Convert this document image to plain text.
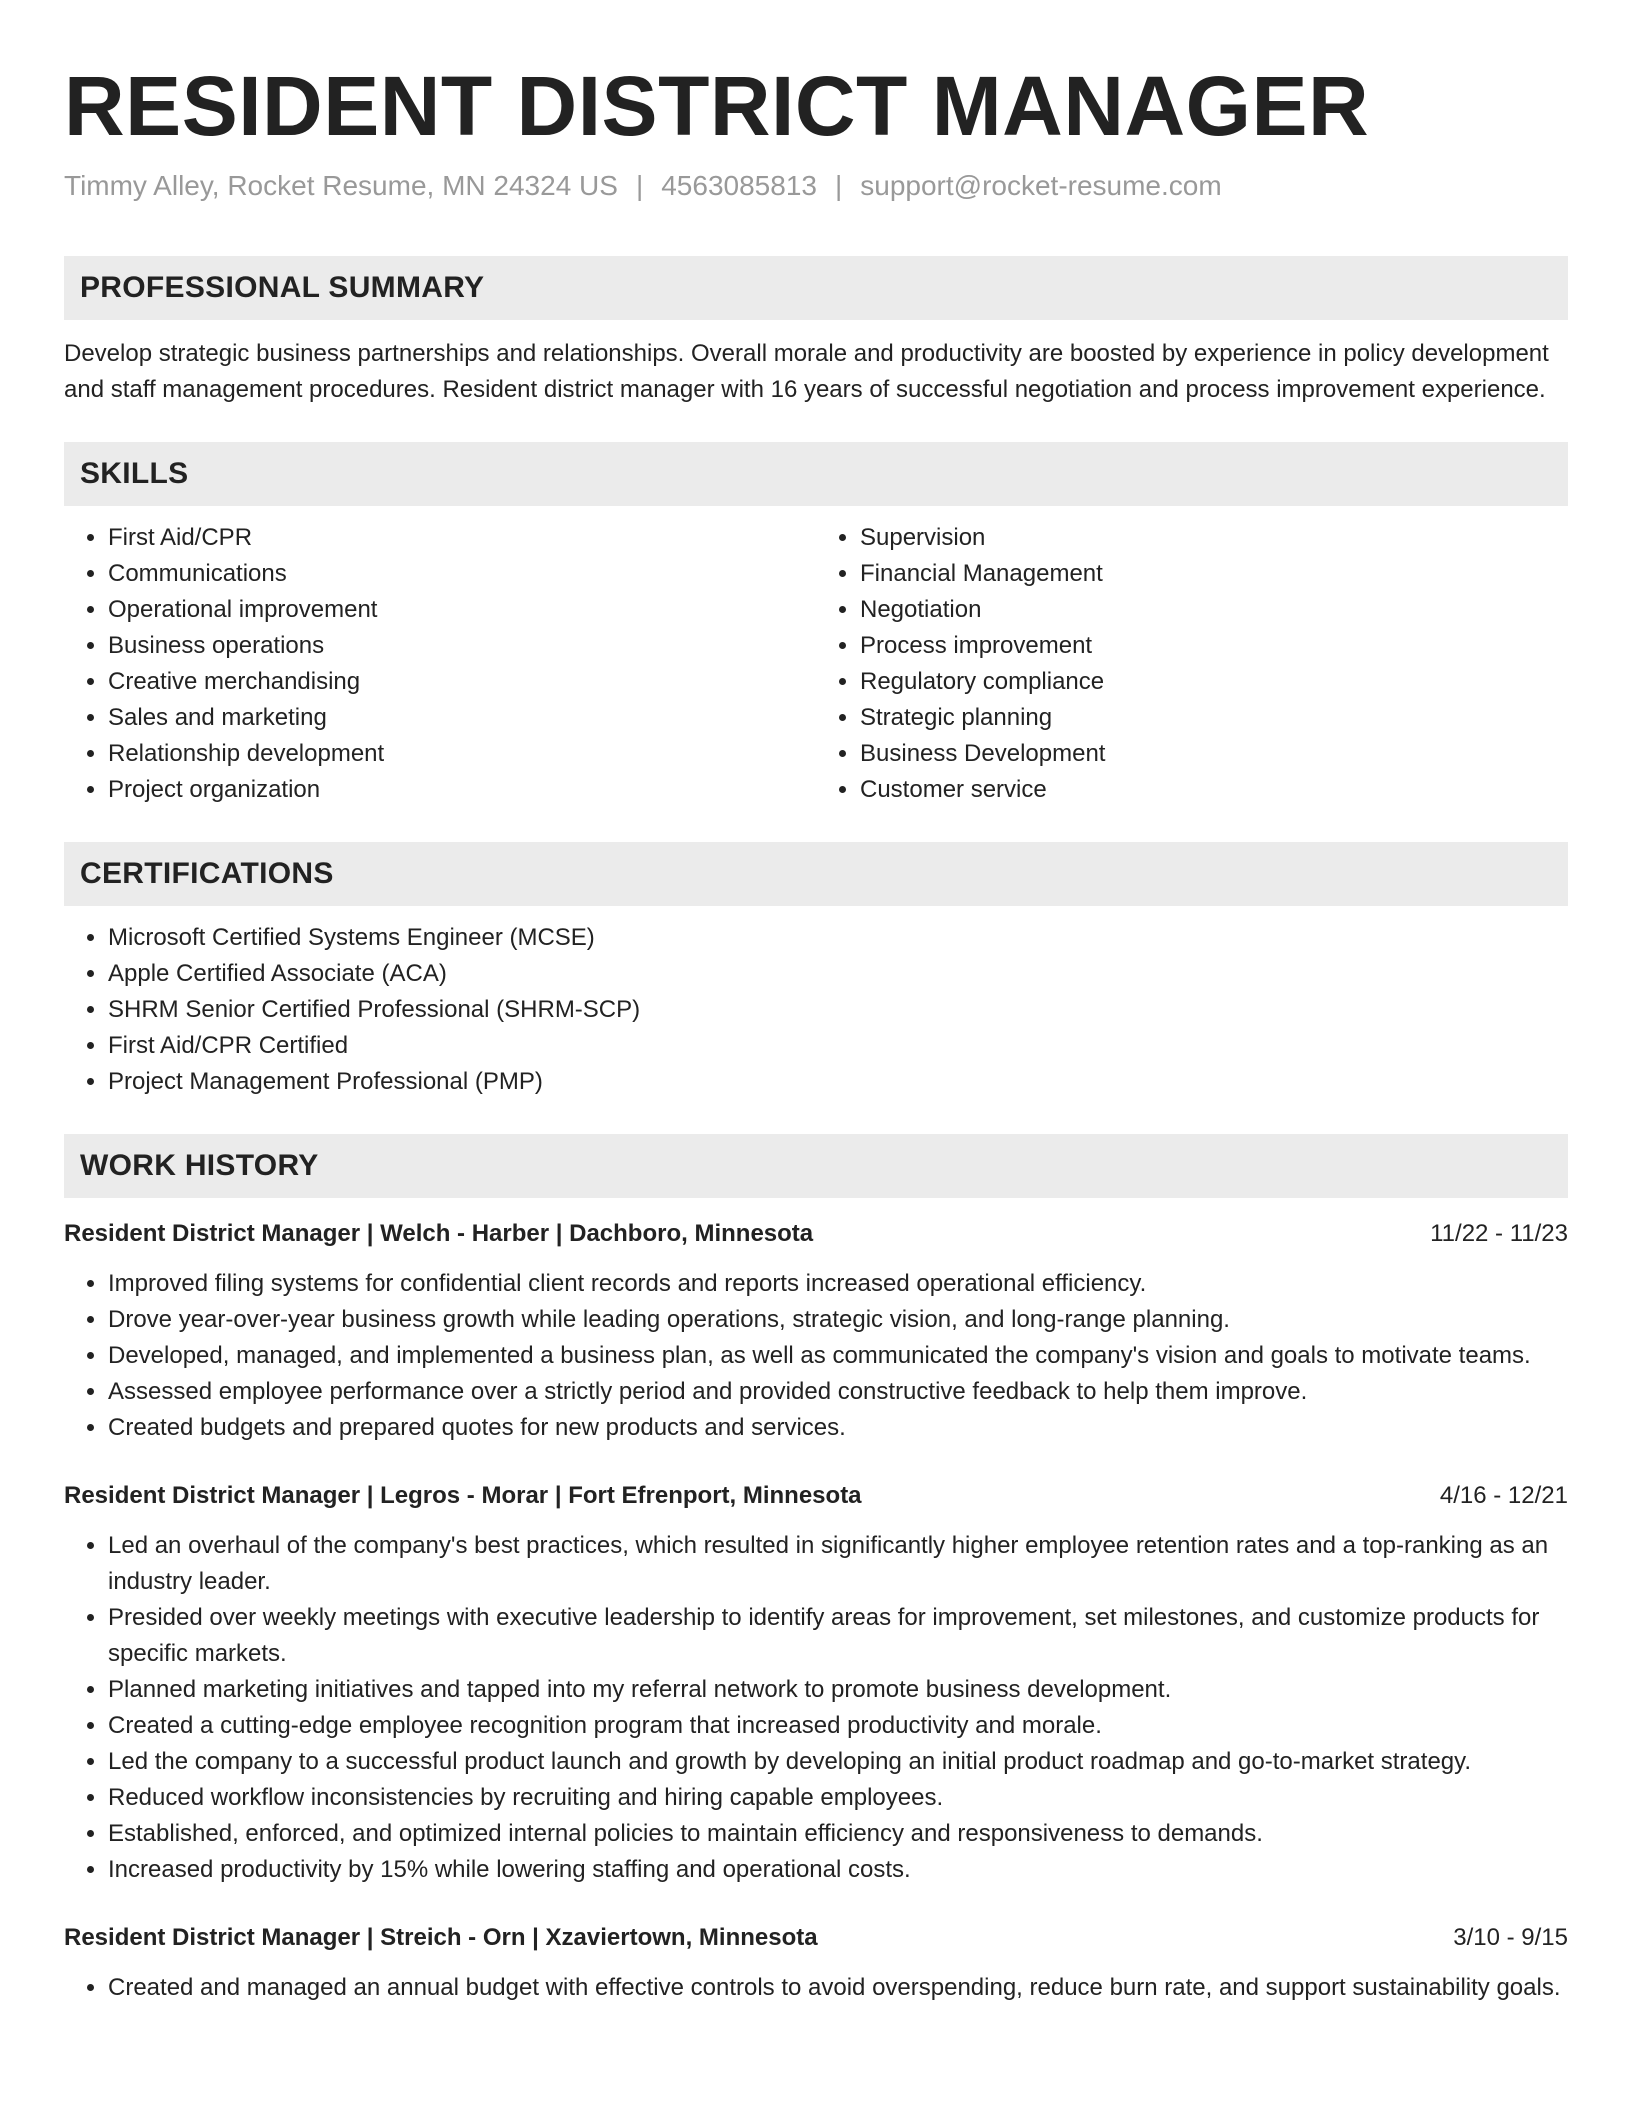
RESIDENT DISTRICT MANAGER
Timmy Alley, Rocket Resume, MN 24324 US | 4563085813 | support@rocket-resume.com
PROFESSIONAL SUMMARY
Develop strategic business partnerships and relationships. Overall morale and productivity are boosted by experience in policy development and staff management procedures. Resident district manager with 16 years of successful negotiation and process improvement experience.
SKILLS
• First Aid/CPR
• Communications
• Operational improvement
• Business operations
• Creative merchandising
• Sales and marketing
• Relationship development
• Project organization
• Supervision
• Financial Management
• Negotiation
• Process improvement
• Regulatory compliance
• Strategic planning
• Business Development
• Customer service
CERTIFICATIONS
• Microsoft Certified Systems Engineer (MCSE)
• Apple Certified Associate (ACA)
• SHRM Senior Certified Professional (SHRM-SCP)
• First Aid/CPR Certified
• Project Management Professional (PMP)
WORK HISTORY
Resident District Manager | Welch - Harber | Dachboro, Minnesota	11/22 - 11/23
• Improved filing systems for confidential client records and reports increased operational efficiency.
• Drove year-over-year business growth while leading operations, strategic vision, and long-range planning.
• Developed, managed, and implemented a business plan, as well as communicated the company's vision and goals to motivate teams.
• Assessed employee performance over a strictly period and provided constructive feedback to help them improve.
• Created budgets and prepared quotes for new products and services.
Resident District Manager | Legros - Morar | Fort Efrenport, Minnesota	4/16 - 12/21
• Led an overhaul of the company's best practices, which resulted in significantly higher employee retention rates and a top-ranking as an industry leader.
• Presided over weekly meetings with executive leadership to identify areas for improvement, set milestones, and customize products for specific markets.
• Planned marketing initiatives and tapped into my referral network to promote business development.
• Created a cutting-edge employee recognition program that increased productivity and morale.
• Led the company to a successful product launch and growth by developing an initial product roadmap and go-to-market strategy.
• Reduced workflow inconsistencies by recruiting and hiring capable employees.
• Established, enforced, and optimized internal policies to maintain efficiency and responsiveness to demands.
• Increased productivity by 15% while lowering staffing and operational costs.
Resident District Manager | Streich - Orn | Xzaviertown, Minnesota	3/10 - 9/15
• Created and managed an annual budget with effective controls to avoid overspending, reduce burn rate, and support sustainability goals.
